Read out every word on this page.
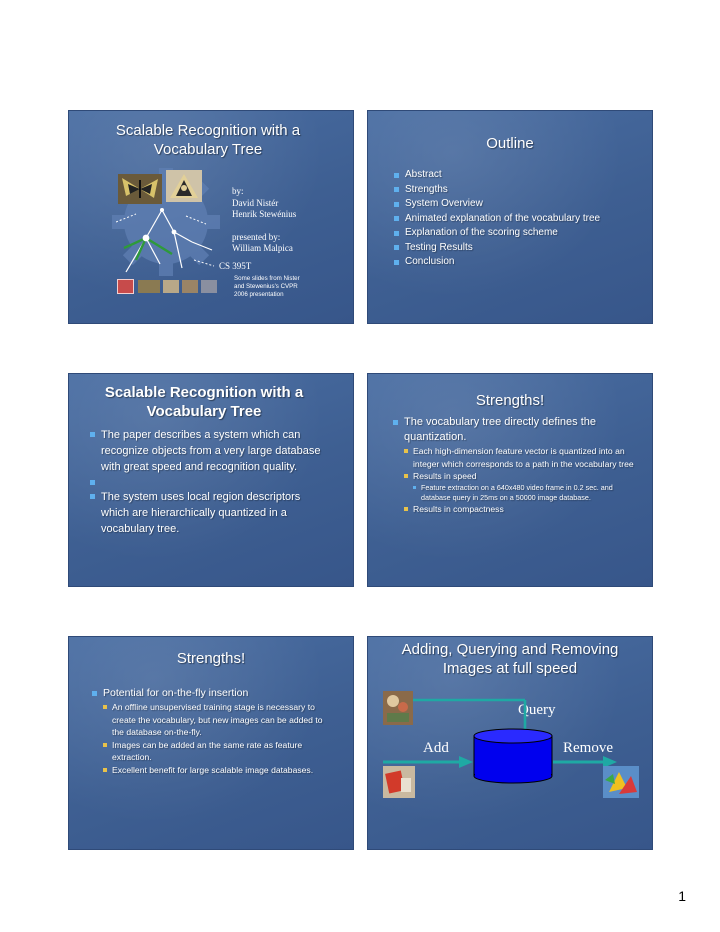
Scalable Recognition with a
Vocabulary Tree
by:
David Nistér
Henrik Stewénius
presented by:
William Malpica
CS 395T
Some slides from Nister
and Stewenius's CVPR
2006 presentation
Outline
Abstract
Strengths
System Overview
Animated explanation of the vocabulary tree
Explanation of the scoring scheme
Testing Results
Conclusion
Scalable Recognition with a
Vocabulary Tree
The paper describes a system which can recognize objects from a very large database with great speed and recognition quality.
The system uses local region descriptors which are hierarchically quantized in a vocabulary tree.
Strengths!
The vocabulary tree directly defines the quantization.
Each high-dimension feature vector is quantized into an integer which corresponds to a path in the vocabulary tree
Results in speed
Feature extraction on a 640x480 video frame in 0.2 sec. and database query in 25ms on a 50000 image database.
Results in compactness
Strengths!
Potential for on-the-fly insertion
An offline unsupervised training stage is necessary to create the vocabulary, but new images can be added to the database on-the-fly.
Images can be added an the same rate as feature extraction.
Excellent benefit for large scalable image databases.
Adding, Querying and Removing
Images at full speed
Query
Add	Remove
1
